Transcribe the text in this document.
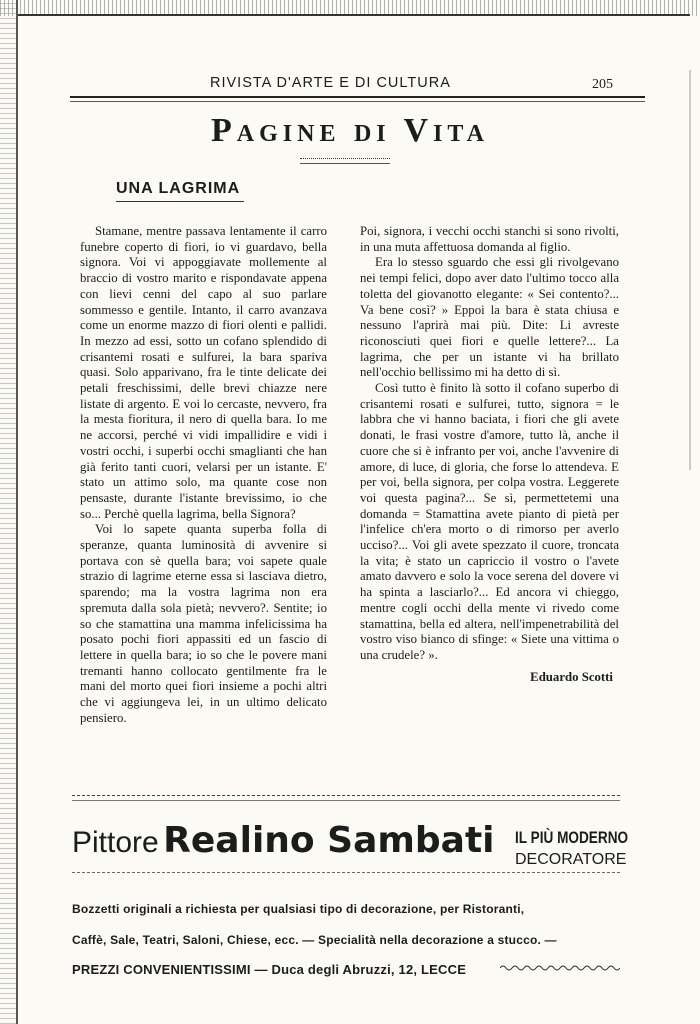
RIVISTA D'ARTE E DI CULTURA	205
Pagine di Vita
UNA LAGRIMA

Stamane, mentre passava lentamente il carro funebre coperto di fiori, io vi guardavo, bella signora. Voi vi appoggiavate mollemente al braccio di vostro marito e rispondavate appena con lievi cenni del capo al suo parlare sommesso e gentile. Intanto, il carro avanzava come un enorme mazzo di fiori olenti e pallidi. In mezzo ad essi, sotto un cofano splendido di crisantemi rosati e sulfurei, la bara spariva quasi. Solo apparivano, fra le tinte delicate dei petali freschissimi, delle brevi chiazze nere listate di argento. E voi lo cercaste, nevvero, fra la mesta fioritura, il nero di quella bara. Io me ne accorsi, perché vi vidi impallidire e vidi i vostri occhi, i superbi occhi smaglianti che han già ferito tanti cuori, velarsi per un istante. E' stato un attimo solo, ma quante cose non pensaste, durante l'istante brevissimo, io che so... Perchè quella lagrima, bella Signora?

Voi lo sapete quanta superba folla di speranze, quanta luminosità di avvenire si portava con sè quella bara; voi sapete quale strazio di lagrime eterne essa si lasciava dietro, sparendo; ma la vostra lagrima non era spremuta dalla sola pietà; nevvero?. Sentite; io so che stamattina una mamma infelicissima ha posato pochi fiori appassiti ed un fascio di lettere in quella bara; io so che le povere mani tremanti hanno collocato gentilmente fra le mani del morto quei fiori insieme a pochi altri che vi aggiungeva lei, in un ultimo delicato pensiero.

Poi, signora, i vecchi occhi stanchi si sono rivolti, in una muta affettuosa domanda al figlio.

Era lo stesso sguardo che essi gli rivolgevano nei tempi felici, dopo aver dato l'ultimo tocco alla toletta del giovanotto elegante: « Sei contento?... Va bene così? » Eppoi la bara è stata chiusa e nessuno l'aprirà mai più. Dite: Li avreste riconosciuti quei fiori e quelle lettere?... La lagrima, che per un istante vi ha brillato nell'occhio bellissimo mi ha detto di sì.

Così tutto è finito là sotto il cofano superbo di crisantemi rosati e sulfurei, tutto, signora = le labbra che vi hanno baciata, i fiori che gli avete donati, le frasi vostre d'amore, tutto là, anche il cuore che si è infranto per voi, anche l'avvenire di amore, di luce, di gloria, che forse lo attendeva. E per voi, bella signora, per colpa vostra. Leggerete voi questa pagina?... Se sì, permettetemi una domanda = Stamattina avete pianto di pietà per l'infelice ch'era morto o di rimorso per averlo ucciso?... Voi gli avete spezzato il cuore, troncata la vita; è stato un capriccio il vostro o l'avete amato davvero e solo la voce serena del dovere vi ha spinta a lasciarlo?... Ed ancora vi chieggo, mentre cogli occhi della mente vi rivedo come stamattina, bella ed altera, nell'impenetrabilità del vostro viso bianco di sfinge: « Siete una vittima o una crudele? ».

Eduardo Scotti
Pittore Realino Sambati IL PIÙ MODERNO
DECORATORE
Bozzetti originali a richiesta per qualsiasi tipo di decorazione, per Ristoranti,
Caffè, Sale, Teatri, Saloni, Chiese, ecc. — Specialità nella decorazione a stucco. —
PREZZI CONVENIENTISSIMI — Duca degli Abruzzi, 12, LECCE
